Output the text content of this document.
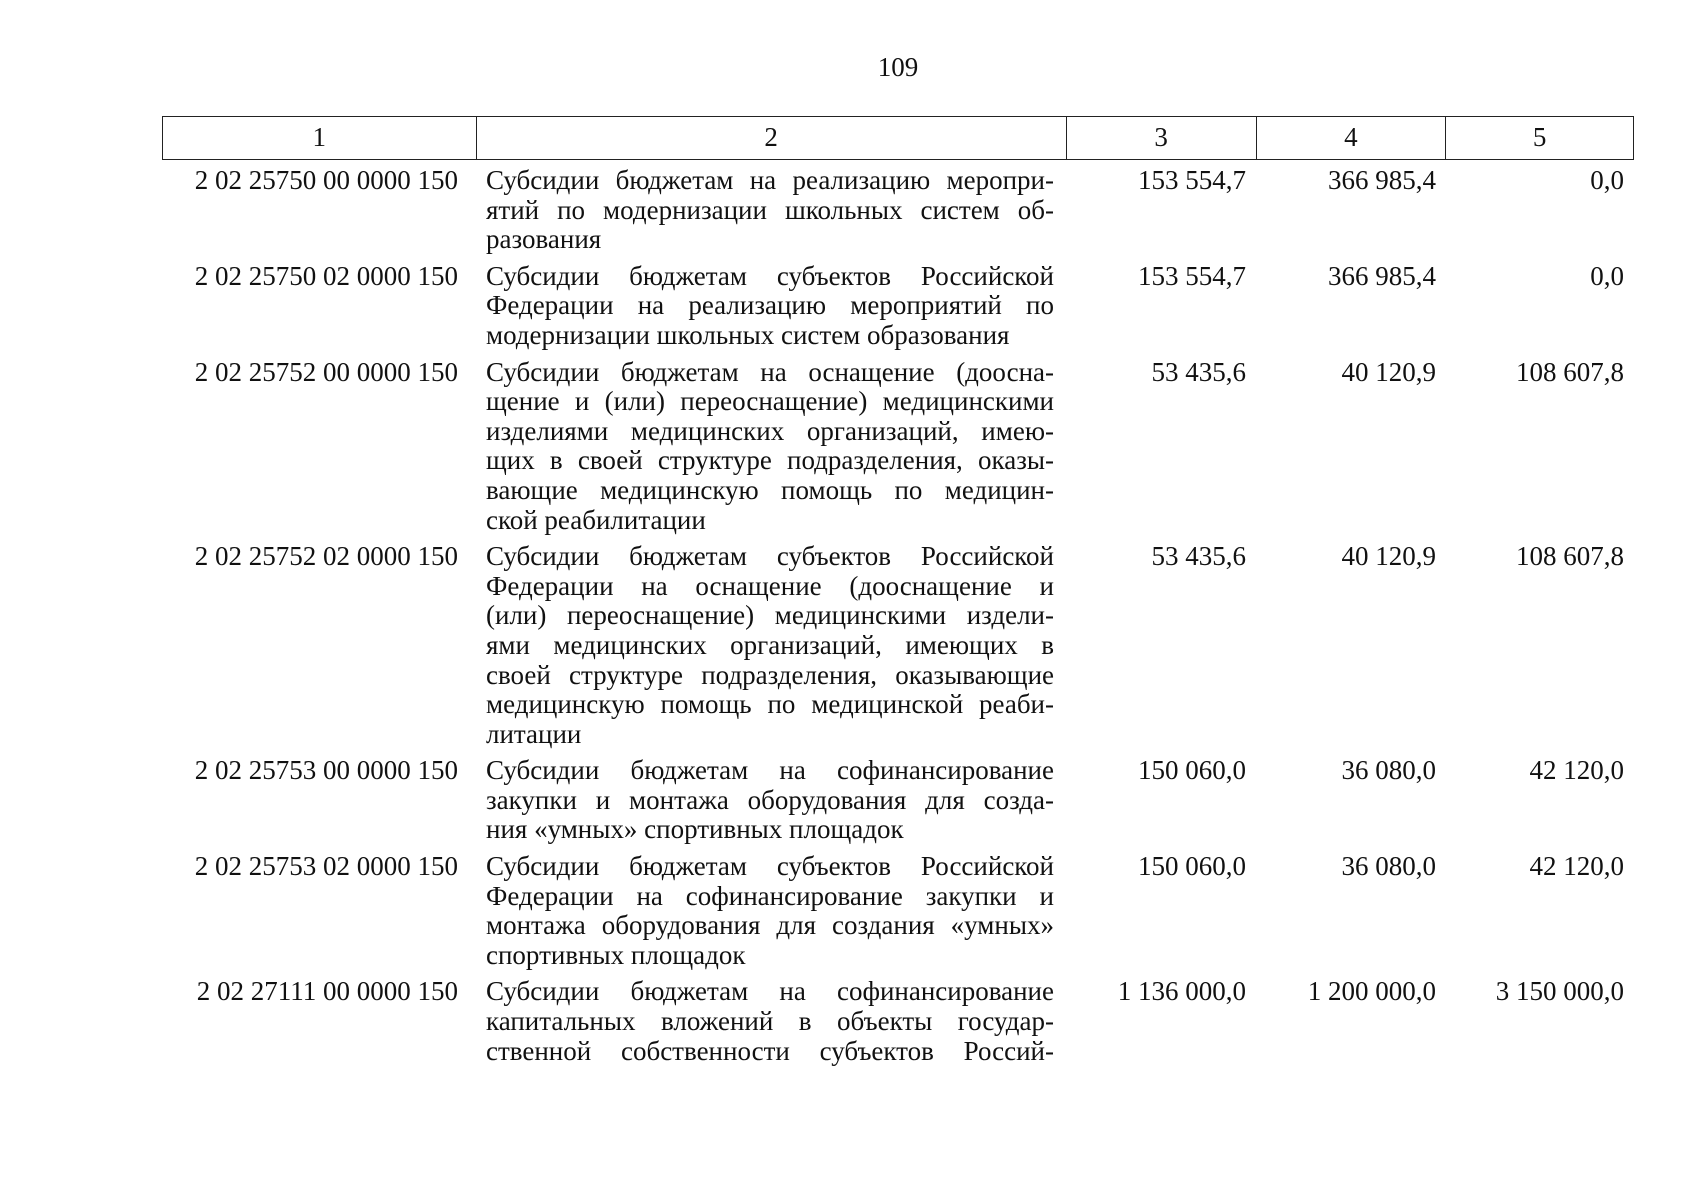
109
1	2	3	4	5
2 02 25750 00 0000 150	Субсидии бюджетам на реализацию меропри-
ятий по модернизации школьных систем об-
разования
153 554,7	366 985,4	0,0
2 02 25750 02 0000 150	Субсидии бюджетам субъектов Российской
Федерации на реализацию мероприятий по
модернизации школьных систем образования
153 554,7	366 985,4	0,0
2 02 25752 00 0000 150	Субсидии бюджетам на оснащение (доосна-
щение и (или) переоснащение) медицинскими
изделиями медицинских организаций, имею-
щих в своей структуре подразделения, оказы-
вающие медицинскую помощь по медицин-
ской реабилитации
53 435,6	40 120,9	108 607,8
2 02 25752 02 0000 150	Субсидии бюджетам субъектов Российской
Федерации на оснащение (дооснащение и
(или) переоснащение) медицинскими издели-
ями медицинских организаций, имеющих в
своей структуре подразделения, оказывающие
медицинскую помощь по медицинской реаби-
литации
53 435,6	40 120,9	108 607,8
2 02 25753 00 0000 150	Субсидии бюджетам на софинансирование
закупки и монтажа оборудования для созда-
ния «умных» спортивных площадок
150 060,0	36 080,0	42 120,0
2 02 25753 02 0000 150	Субсидии бюджетам субъектов Российской
Федерации на софинансирование закупки и
монтажа оборудования для создания «умных»
спортивных площадок
150 060,0	36 080,0	42 120,0
2 02 27111 00 0000 150	Субсидии бюджетам на софинансирование
капитальных вложений в объекты государ-
ственной собственности субъектов Россий-
1 136 000,0	1 200 000,0	3 150 000,0
